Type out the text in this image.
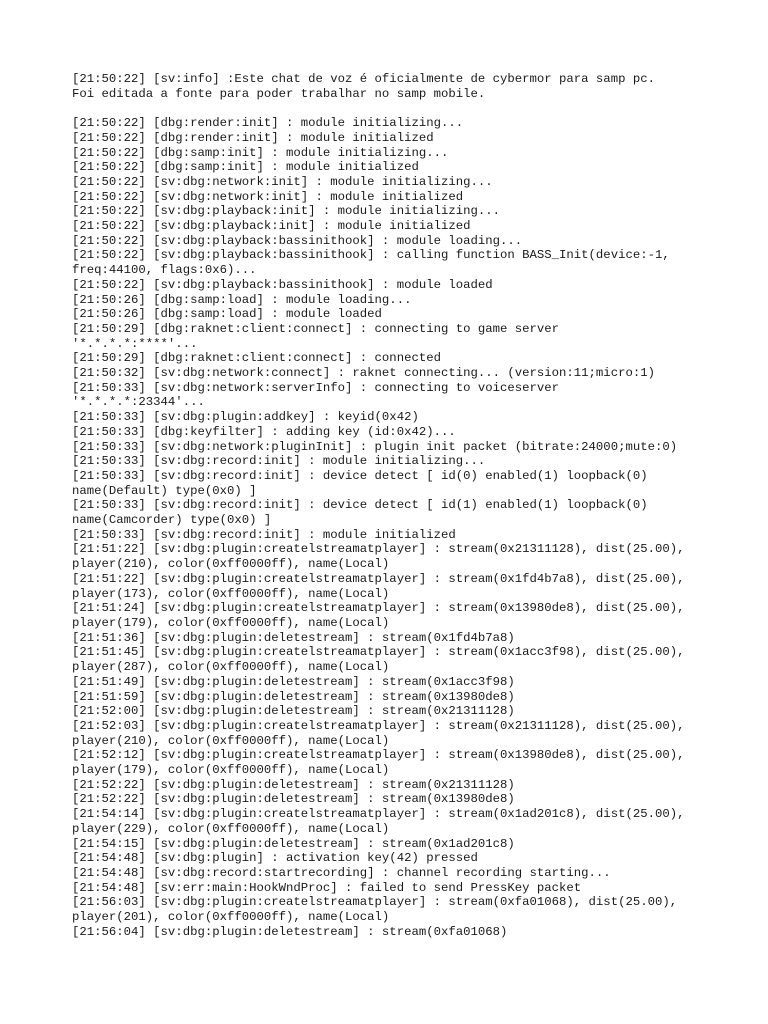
[21:50:22] [sv:info] :Este chat de voz é oficialmente de cybermor para samp pc.
Foi editada a fonte para poder trabalhar no samp mobile.
[21:50:22] [dbg:render:init] : module initializing...
[21:50:22] [dbg:render:init] : module initialized
[21:50:22] [dbg:samp:init] : module initializing...
[21:50:22] [dbg:samp:init] : module initialized
[21:50:22] [sv:dbg:network:init] : module initializing...
[21:50:22] [sv:dbg:network:init] : module initialized
[21:50:22] [sv:dbg:playback:init] : module initializing...
[21:50:22] [sv:dbg:playback:init] : module initialized
[21:50:22] [sv:dbg:playback:bassinithook] : module loading...
[21:50:22] [sv:dbg:playback:bassinithook] : calling function BASS_Init(device:-1,
freq:44100, flags:0x6)...
[21:50:22] [sv:dbg:playback:bassinithook] : module loaded
[21:50:26] [dbg:samp:load] : module loading...
[21:50:26] [dbg:samp:load] : module loaded
[21:50:29] [dbg:raknet:client:connect] : connecting to game server
'*.*.*.*:****'...
[21:50:29] [dbg:raknet:client:connect] : connected
[21:50:32] [sv:dbg:network:connect] : raknet connecting... (version:11;micro:1)
[21:50:33] [sv:dbg:network:serverInfo] : connecting to voiceserver
'*.*.*.*:23344'...
[21:50:33] [sv:dbg:plugin:addkey] : keyid(0x42)
[21:50:33] [dbg:keyfilter] : adding key (id:0x42)...
[21:50:33] [sv:dbg:network:pluginInit] : plugin init packet (bitrate:24000;mute:0)
[21:50:33] [sv:dbg:record:init] : module initializing...
[21:50:33] [sv:dbg:record:init] : device detect [ id(0) enabled(1) loopback(0)
name(Default) type(0x0) ]
[21:50:33] [sv:dbg:record:init] : device detect [ id(1) enabled(1) loopback(0)
name(Camcorder) type(0x0) ]
[21:50:33] [sv:dbg:record:init] : module initialized
[21:51:22] [sv:dbg:plugin:createlstreamatplayer] : stream(0x21311128), dist(25.00),
player(210), color(0xff0000ff), name(Local)
[21:51:22] [sv:dbg:plugin:createlstreamatplayer] : stream(0x1fd4b7a8), dist(25.00),
player(173), color(0xff0000ff), name(Local)
[21:51:24] [sv:dbg:plugin:createlstreamatplayer] : stream(0x13980de8), dist(25.00),
player(179), color(0xff0000ff), name(Local)
[21:51:36] [sv:dbg:plugin:deletestream] : stream(0x1fd4b7a8)
[21:51:45] [sv:dbg:plugin:createlstreamatplayer] : stream(0x1acc3f98), dist(25.00),
player(287), color(0xff0000ff), name(Local)
[21:51:49] [sv:dbg:plugin:deletestream] : stream(0x1acc3f98)
[21:51:59] [sv:dbg:plugin:deletestream] : stream(0x13980de8)
[21:52:00] [sv:dbg:plugin:deletestream] : stream(0x21311128)
[21:52:03] [sv:dbg:plugin:createlstreamatplayer] : stream(0x21311128), dist(25.00),
player(210), color(0xff0000ff), name(Local)
[21:52:12] [sv:dbg:plugin:createlstreamatplayer] : stream(0x13980de8), dist(25.00),
player(179), color(0xff0000ff), name(Local)
[21:52:22] [sv:dbg:plugin:deletestream] : stream(0x21311128)
[21:52:22] [sv:dbg:plugin:deletestream] : stream(0x13980de8)
[21:54:14] [sv:dbg:plugin:createlstreamatplayer] : stream(0x1ad201c8), dist(25.00),
player(229), color(0xff0000ff), name(Local)
[21:54:15] [sv:dbg:plugin:deletestream] : stream(0x1ad201c8)
[21:54:48] [sv:dbg:plugin] : activation key(42) pressed
[21:54:48] [sv:dbg:record:startrecording] : channel recording starting...
[21:54:48] [sv:err:main:HookWndProc] : failed to send PressKey packet
[21:56:03] [sv:dbg:plugin:createlstreamatplayer] : stream(0xfa01068), dist(25.00),
player(201), color(0xff0000ff), name(Local)
[21:56:04] [sv:dbg:plugin:deletestream] : stream(0xfa01068)
